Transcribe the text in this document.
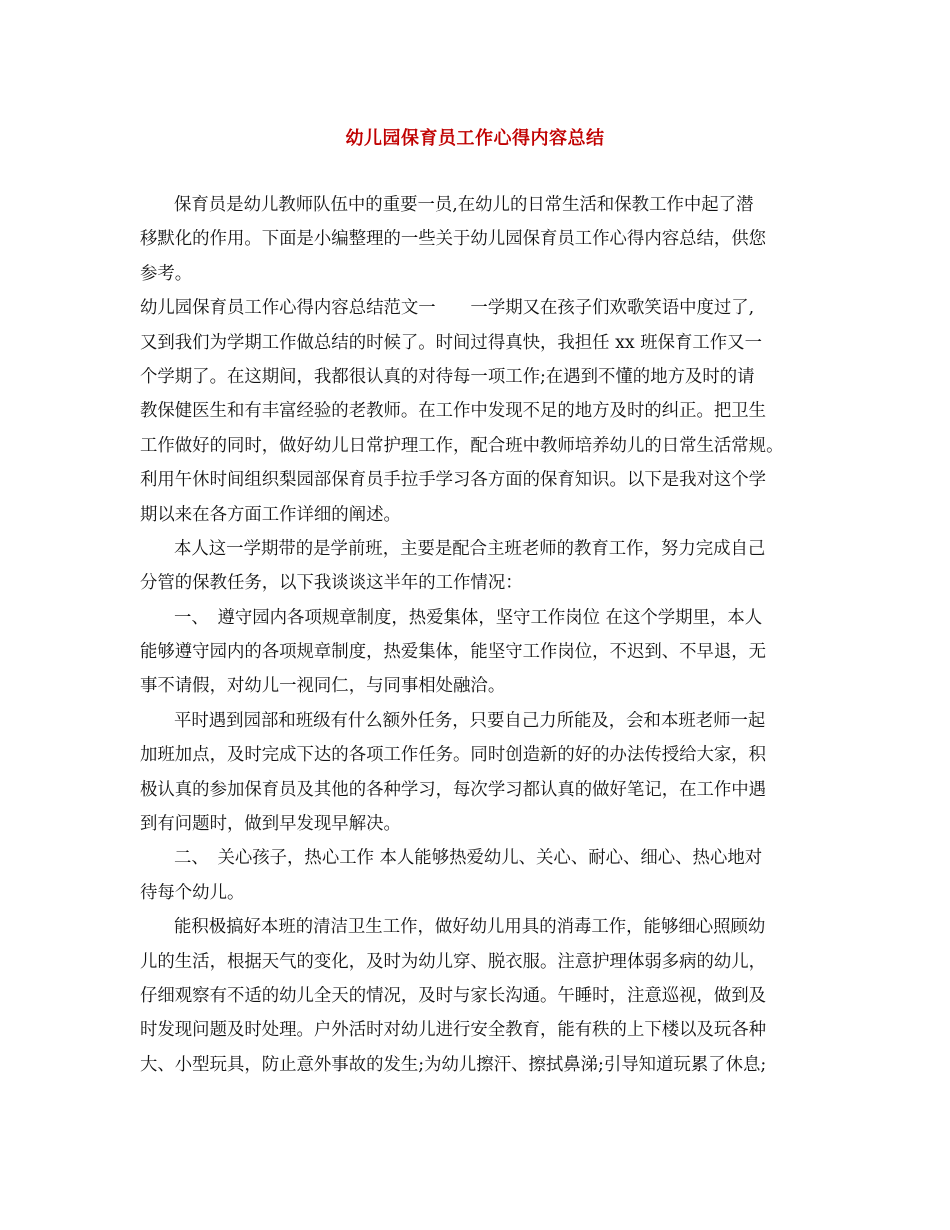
幼儿园保育员工作心得内容总结
保育员是幼儿教师队伍中的重要一员,在幼儿的日常生活和保教工作中起了潜
移默化的作用。下面是小编整理的一些关于幼儿园保育员工作心得内容总结，供您
参考。
幼儿园保育员工作心得内容总结范文一　　一学期又在孩子们欢歌笑语中度过了,
又到我们为学期工作做总结的时候了。时间过得真快，我担任 xx 班保育工作又一
个学期了。在这期间，我都很认真的对待每一项工作;在遇到不懂的地方及时的请
教保健医生和有丰富经验的老教师。在工作中发现不足的地方及时的纠正。把卫生
工作做好的同时，做好幼儿日常护理工作，配合班中教师培养幼儿的日常生活常规。
利用午休时间组织梨园部保育员手拉手学习各方面的保育知识。以下是我对这个学
期以来在各方面工作详细的阐述。
本人这一学期带的是学前班，主要是配合主班老师的教育工作，努力完成自己
分管的保教任务，以下我谈谈这半年的工作情况：
一、　遵守园内各项规章制度，热爱集体，坚守工作岗位 在这个学期里，本人
能够遵守园内的各项规章制度，热爱集体，能坚守工作岗位，不迟到、不早退，无
事不请假，对幼儿一视同仁，与同事相处融洽。
平时遇到园部和班级有什么额外任务，只要自己力所能及，会和本班老师一起
加班加点，及时完成下达的各项工作任务。同时创造新的好的办法传授给大家，积
极认真的参加保育员及其他的各种学习，每次学习都认真的做好笔记，在工作中遇
到有问题时，做到早发现早解决。
二、　关心孩子，热心工作 本人能够热爱幼儿、关心、耐心、细心、热心地对
待每个幼儿。
能积极搞好本班的清洁卫生工作，做好幼儿用具的消毒工作，能够细心照顾幼
儿的生活，根据天气的变化，及时为幼儿穿、脱衣服。注意护理体弱多病的幼儿，
仔细观察有不适的幼儿全天的情况，及时与家长沟通。午睡时，注意巡视，做到及
时发现问题及时处理。户外活时对幼儿进行安全教育，能有秩的上下楼以及玩各种
大、小型玩具，防止意外事故的发生;为幼儿擦汗、擦拭鼻涕;引导知道玩累了休息;
